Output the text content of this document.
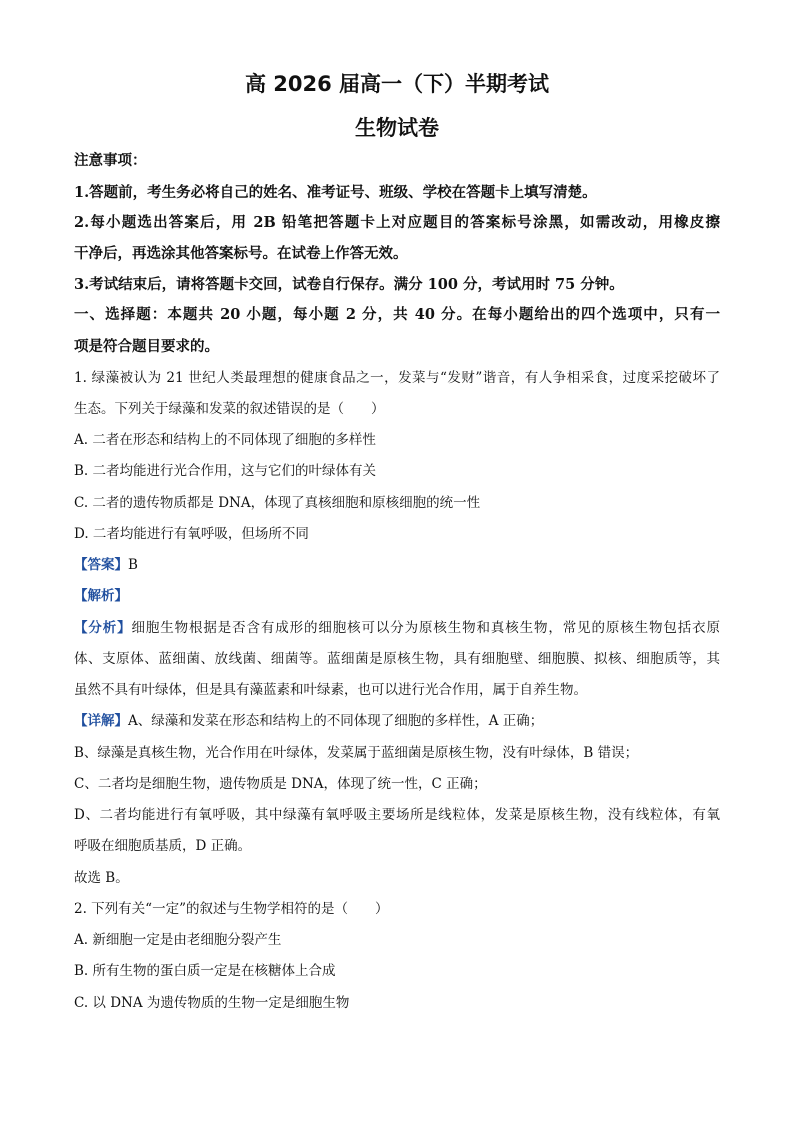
高 2026 届高一（下）半期考试
生物试卷
注意事项：
1.答题前，考生务必将自己的姓名、准考证号、班级、学校在答题卡上填写清楚。
2.每小题选出答案后，用 2B 铅笔把答题卡上对应题目的答案标号涂黑，如需改动，用橡皮擦
干净后，再选涂其他答案标号。在试卷上作答无效。
3.考试结束后，请将答题卡交回，试卷自行保存。满分 100 分，考试用时 75 分钟。
一、选择题：本题共 20 小题，每小题 2 分，共 40 分。在每小题给出的四个选项中，只有一
项是符合题目要求的。
1. 绿藻被认为 21 世纪人类最理想的健康食品之一，发菜与“发财”谐音，有人争相采食，过度采挖破坏了
生态。下列关于绿藻和发菜的叙述错误的是（　　）
A. 二者在形态和结构上的不同体现了细胞的多样性
B. 二者均能进行光合作用，这与它们的叶绿体有关
C. 二者的遗传物质都是 DNA，体现了真核细胞和原核细胞的统一性
D. 二者均能进行有氧呼吸，但场所不同
【答案】B
【解析】
【分析】细胞生物根据是否含有成形的细胞核可以分为原核生物和真核生物，常见的原核生物包括衣原
体、支原体、蓝细菌、放线菌、细菌等。蓝细菌是原核生物，具有细胞壁、细胞膜、拟核、细胞质等，其
虽然不具有叶绿体，但是具有藻蓝素和叶绿素，也可以进行光合作用，属于自养生物。
【详解】A、绿藻和发菜在形态和结构上的不同体现了细胞的多样性，A 正确；
B、绿藻是真核生物，光合作用在叶绿体，发菜属于蓝细菌是原核生物，没有叶绿体，B 错误；
C、二者均是细胞生物，遗传物质是 DNA，体现了统一性，C 正确；
D、二者均能进行有氧呼吸，其中绿藻有氧呼吸主要场所是线粒体，发菜是原核生物，没有线粒体，有氧
呼吸在细胞质基质，D 正确。
故选 B。
2. 下列有关“一定”的叙述与生物学相符的是（　　）
A. 新细胞一定是由老细胞分裂产生
B. 所有生物的蛋白质一定是在核糖体上合成
C. 以 DNA 为遗传物质的生物一定是细胞生物
